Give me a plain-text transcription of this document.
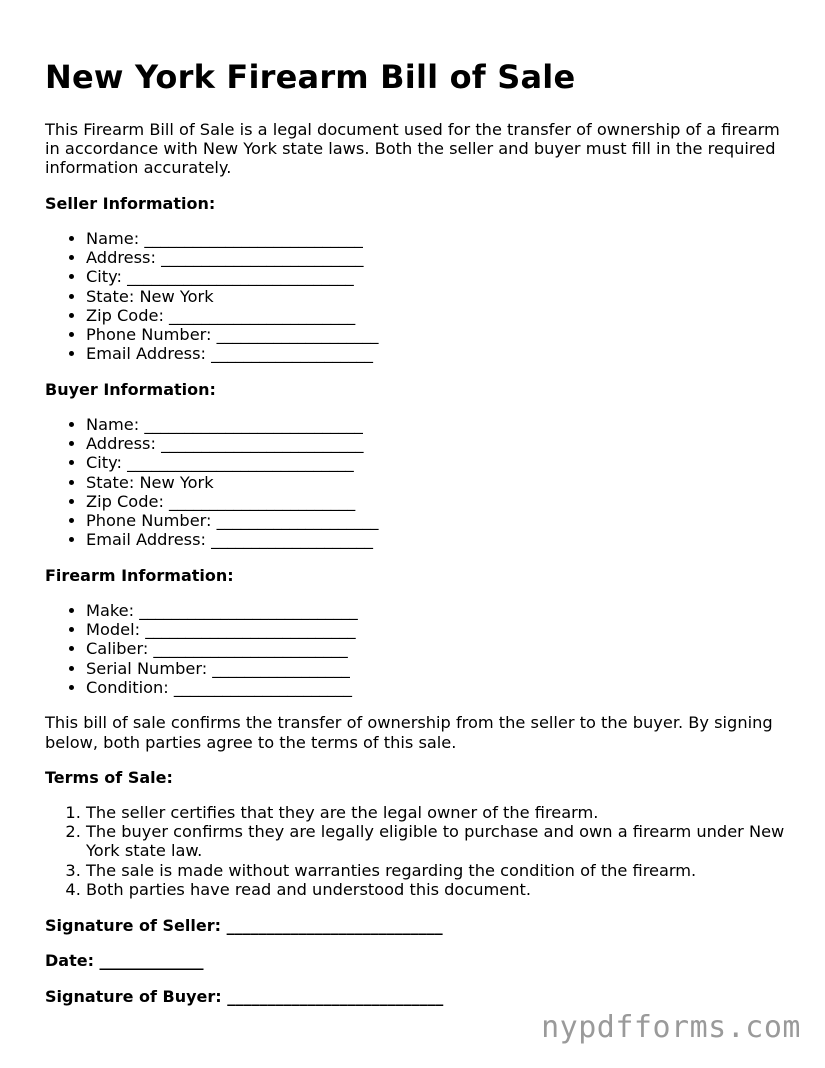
New York Firearm Bill of Sale

This Firearm Bill of Sale is a legal document used for the transfer of ownership of a firearm in accordance with New York state laws. Both the seller and buyer must fill in the required information accurately.

Seller Information:

• Name: ___________________________
• Address: _________________________
• City: ____________________________
• State: New York
• Zip Code: _______________________
• Phone Number: ____________________
• Email Address: ____________________

Buyer Information:

• Name: ___________________________
• Address: _________________________
• City: ____________________________
• State: New York
• Zip Code: _______________________
• Phone Number: ____________________
• Email Address: ____________________

Firearm Information:

• Make: ___________________________
• Model: __________________________
• Caliber: ________________________
• Serial Number: _________________
• Condition: ______________________

This bill of sale confirms the transfer of ownership from the seller to the buyer. By signing below, both parties agree to the terms of this sale.

Terms of Sale:

1. The seller certifies that they are the legal owner of the firearm.
2. The buyer confirms they are legally eligible to purchase and own a firearm under New York state law.
3. The sale is made without warranties regarding the condition of the firearm.
4. Both parties have read and understood this document.

Signature of Seller: ___________________________

Date: _____________

Signature of Buyer: ___________________________

nypdfforms.com
